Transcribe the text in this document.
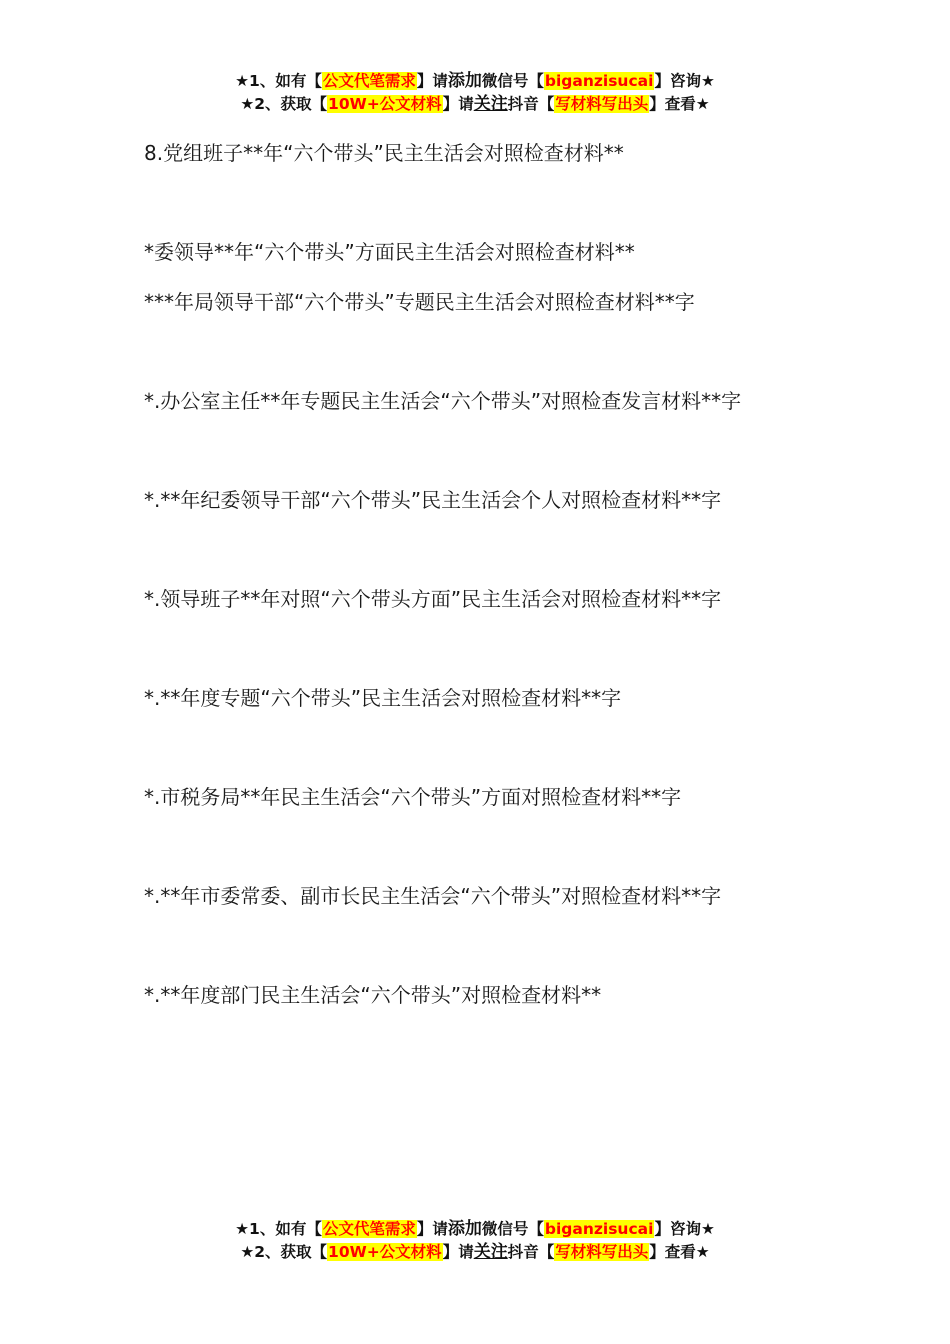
★1、如有【公文代笔需求】请添加微信号【biganzisucai】咨询★
★2、获取【10W+公文材料】请关注抖音【写材料写出头】查看★

8.党组班子**年“六个带头”民主生活会对照检查材料**

*委领导**年“六个带头”方面民主生活会对照检查材料**

***年局领导干部“六个带头”专题民主生活会对照检查材料**字

*.办公室主任**年专题民主生活会“六个带头”对照检查发言材料**字

*.**年纪委领导干部“六个带头”民主生活会个人对照检查材料**字

*.领导班子**年对照“六个带头方面”民主生活会对照检查材料**字

*.**年度专题“六个带头”民主生活会对照检查材料**字

*.市税务局**年民主生活会“六个带头”方面对照检查材料**字

*.**年市委常委、副市长民主生活会“六个带头”对照检查材料**字

*.**年度部门民主生活会“六个带头”对照检查材料**

★1、如有【公文代笔需求】请添加微信号【biganzisucai】咨询★
★2、获取【10W+公文材料】请关注抖音【写材料写出头】查看★
